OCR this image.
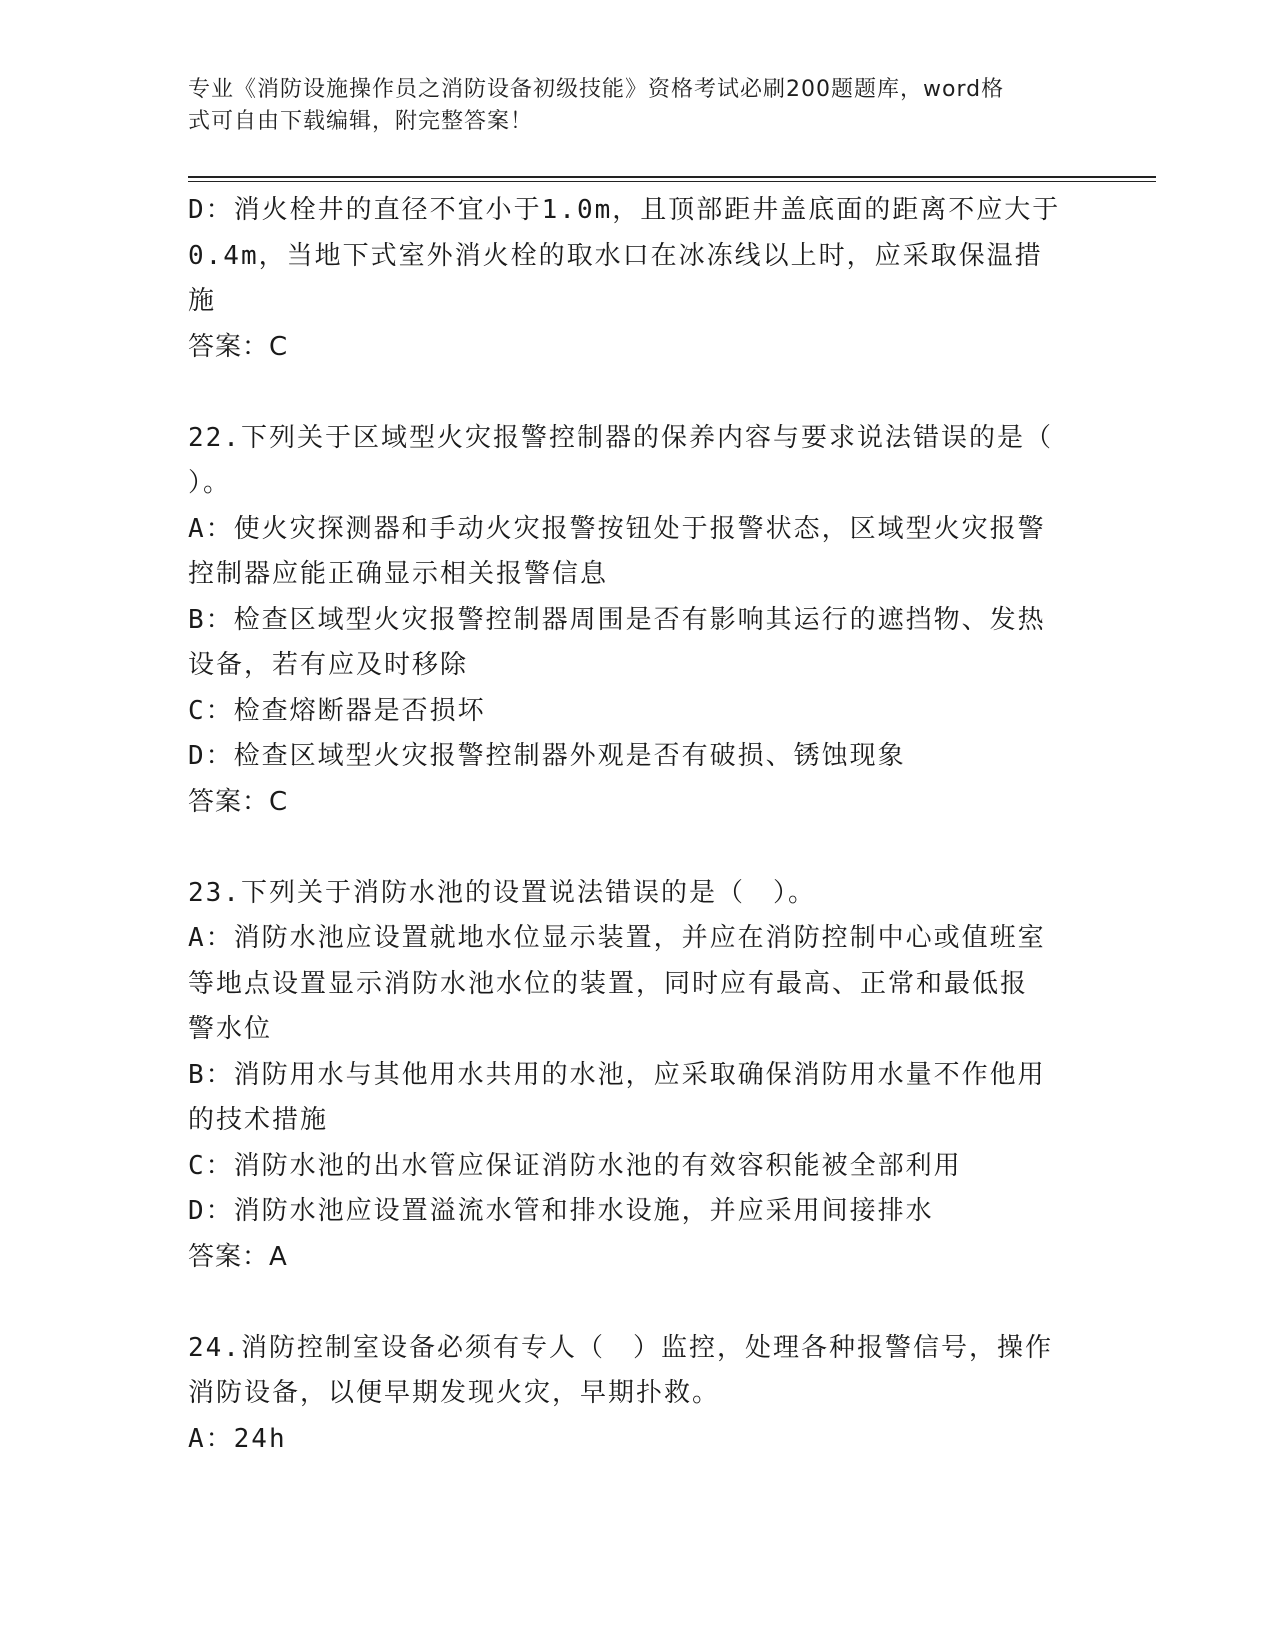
专业《消防设施操作员之消防设备初级技能》资格考试必刷200题题库，word格
式可自由下载编辑，附完整答案！
D：消火栓井的直径不宜小于1.0m，且顶部距井盖底面的距离不应大于
0.4m，当地下式室外消火栓的取水口在冰冻线以上时，应采取保温措
施
答案：C
22.下列关于区域型火灾报警控制器的保养内容与要求说法错误的是（
）。
A：使火灾探测器和手动火灾报警按钮处于报警状态，区域型火灾报警
控制器应能正确显示相关报警信息
B：检查区域型火灾报警控制器周围是否有影响其运行的遮挡物、发热
设备，若有应及时移除
C：检查熔断器是否损坏
D：检查区域型火灾报警控制器外观是否有破损、锈蚀现象
答案：C
23.下列关于消防水池的设置说法错误的是（　）。
A：消防水池应设置就地水位显示装置，并应在消防控制中心或值班室
等地点设置显示消防水池水位的装置，同时应有最高、正常和最低报
警水位
B：消防用水与其他用水共用的水池，应采取确保消防用水量不作他用
的技术措施
C：消防水池的出水管应保证消防水池的有效容积能被全部利用
D：消防水池应设置溢流水管和排水设施，并应采用间接排水
答案：A
24.消防控制室设备必须有专人（　）监控，处理各种报警信号，操作
消防设备，以便早期发现火灾，早期扑救。
A：24h
